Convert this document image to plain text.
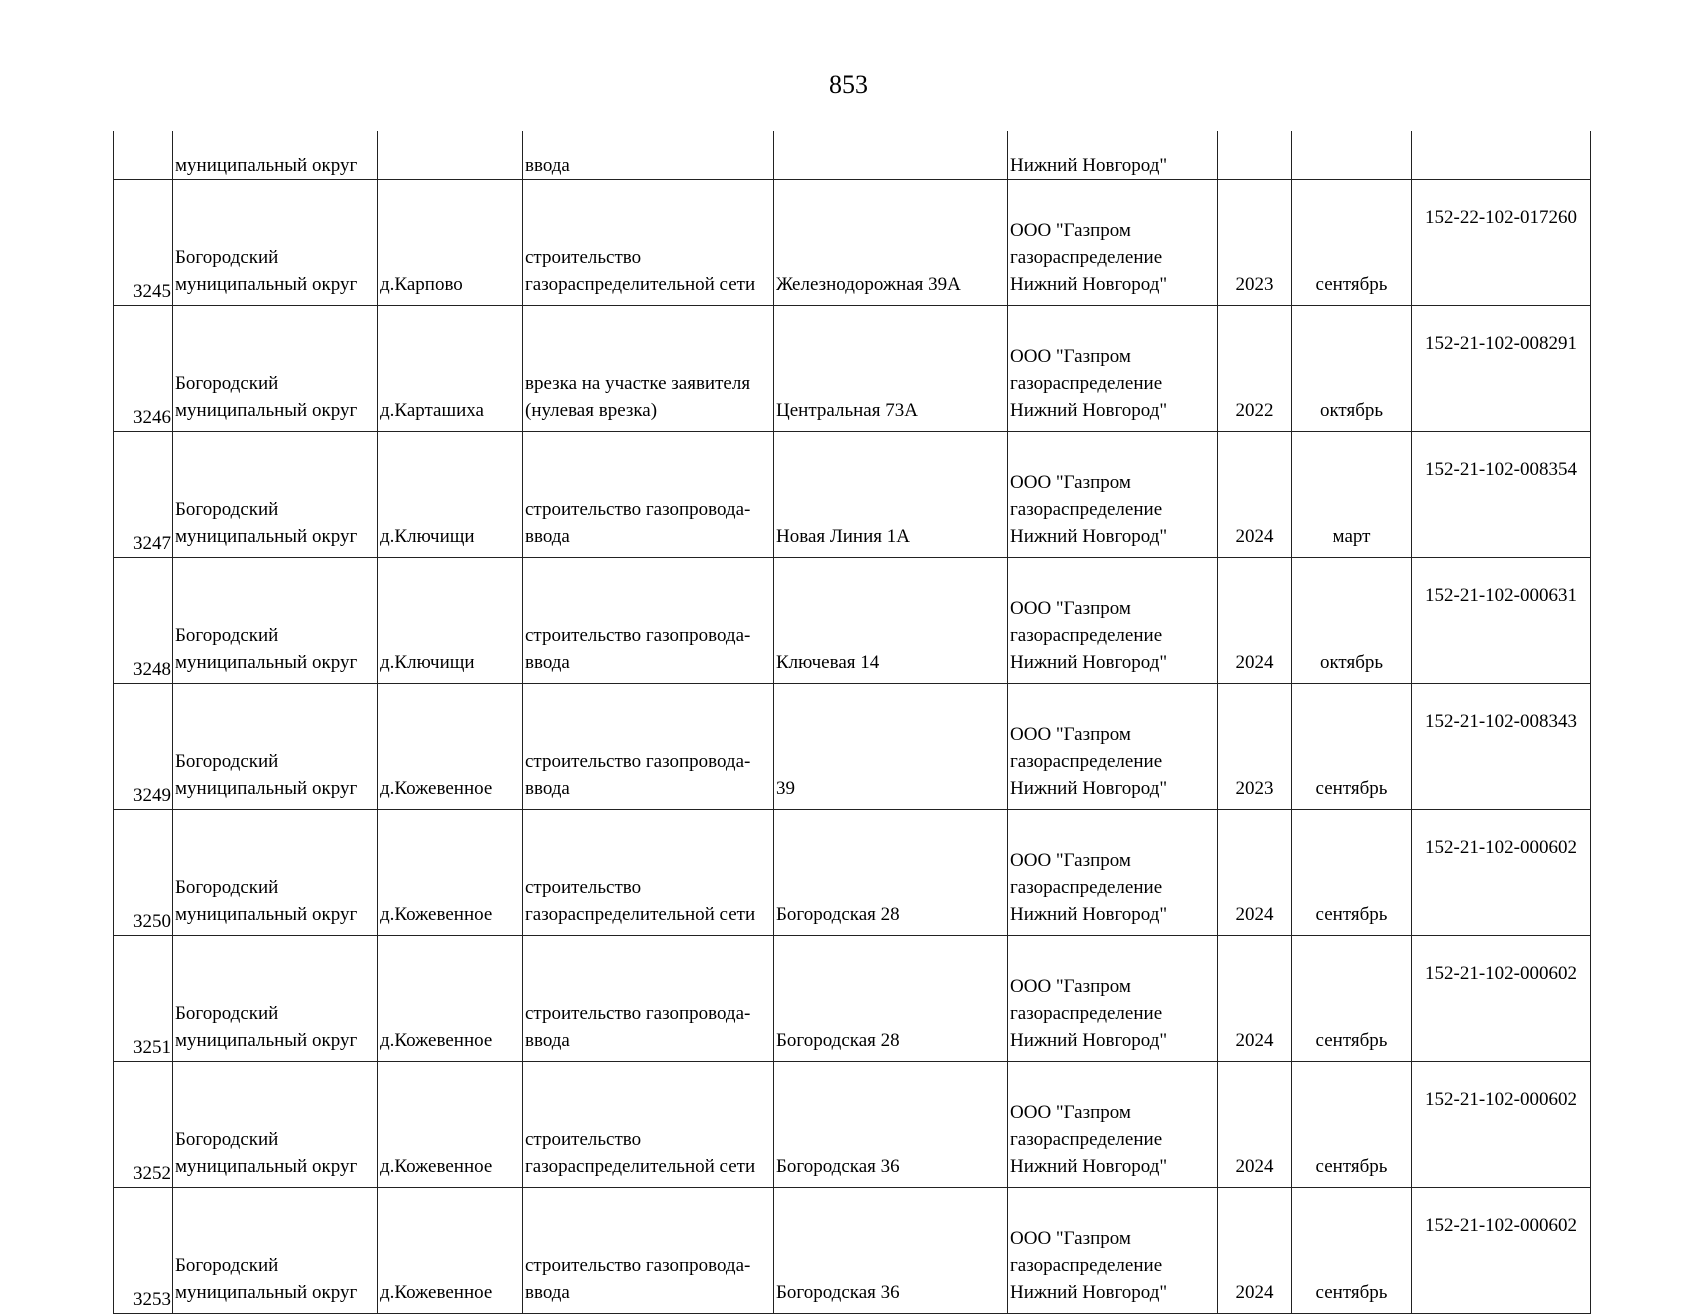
853
	муниципальный округ		ввода		Нижний Новгород"			
3245	Богородский
муниципальный округ	д.Карпово	строительство
газораспределительной сети	Железнодорожная 39А	ООО "Газпром
газораспределение
Нижний Новгород"	2023	сентябрь	152-22-102-017260
3246	Богородский
муниципальный округ	д.Карташиха	врезка на участке заявителя
(нулевая врезка)	Центральная 73А	ООО "Газпром
газораспределение
Нижний Новгород"	2022	октябрь	152-21-102-008291
3247	Богородский
муниципальный округ	д.Ключищи	строительство газопровода-
ввода	Новая Линия 1А	ООО "Газпром
газораспределение
Нижний Новгород"	2024	март	152-21-102-008354
3248	Богородский
муниципальный округ	д.Ключищи	строительство газопровода-
ввода	Ключевая 14	ООО "Газпром
газораспределение
Нижний Новгород"	2024	октябрь	152-21-102-000631
3249	Богородский
муниципальный округ	д.Кожевенное	строительство газопровода-
ввода	39	ООО "Газпром
газораспределение
Нижний Новгород"	2023	сентябрь	152-21-102-008343
3250	Богородский
муниципальный округ	д.Кожевенное	строительство
газораспределительной сети	Богородская 28	ООО "Газпром
газораспределение
Нижний Новгород"	2024	сентябрь	152-21-102-000602
3251	Богородский
муниципальный округ	д.Кожевенное	строительство газопровода-
ввода	Богородская 28	ООО "Газпром
газораспределение
Нижний Новгород"	2024	сентябрь	152-21-102-000602
3252	Богородский
муниципальный округ	д.Кожевенное	строительство
газораспределительной сети	Богородская 36	ООО "Газпром
газораспределение
Нижний Новгород"	2024	сентябрь	152-21-102-000602
3253	Богородский
муниципальный округ	д.Кожевенное	строительство газопровода-
ввода	Богородская 36	ООО "Газпром
газораспределение
Нижний Новгород"	2024	сентябрь	152-21-102-000602
